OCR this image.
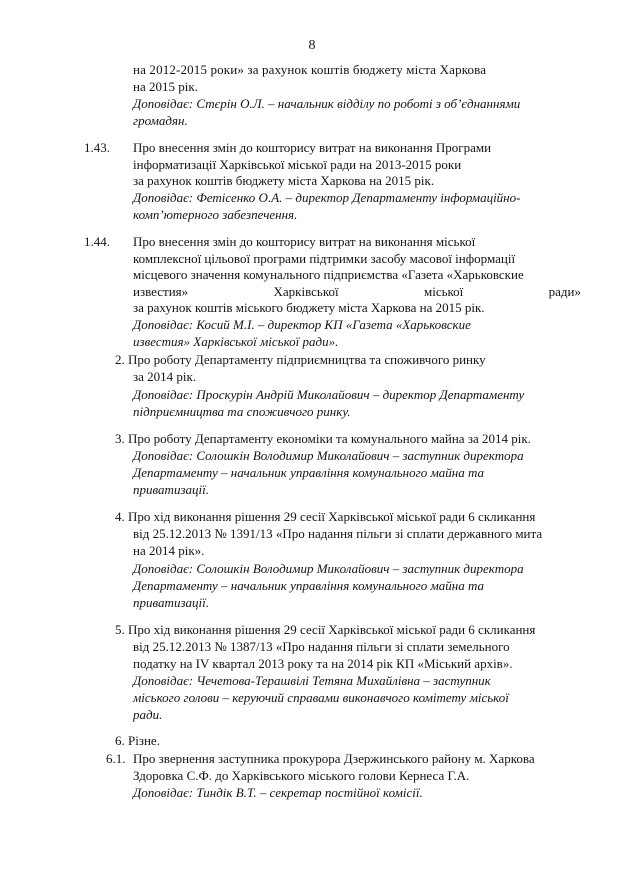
8
на 2012-2015 роки» за рахунок коштів бюджету міста Харкова
на 2015 рік.
Доповідає: Стєрін О.Л. – начальник відділу по роботі з об’єднаннями
громадян.
1.43. Про внесення змін до кошторису витрат на виконання Програми
інформатизації Харківської міської ради на 2013-2015 роки
за рахунок коштів бюджету міста Харкова на 2015 рік.
Доповідає: Фетісенко О.А. – директор Департаменту інформаційно-
комп’ютерного забезпечення.
1.44. Про внесення змін до кошторису витрат на виконання міської
комплексної цільової програми підтримки засобу масової інформації
місцевого значення комунального підприємства «Газета «Харьковские
известия»	Харківської	міської	ради»
за рахунок коштів міського бюджету міста Харкова на 2015 рік.
Доповідає: Косий М.І. – директор КП «Газета «Харьковские
известия» Харківської міської ради».
2. Про роботу Департаменту підприємництва та споживчого ринку
за 2014 рік.
Доповідає: Проскурін Андрій Миколайович – директор Департаменту
підприємництва та споживчого ринку.
3. Про роботу Департаменту економіки та комунального майна за 2014 рік.
Доповідає: Солошкін Володимир Миколайович – заступник директора
Департаменту – начальник управління комунального майна та
приватизації.
4. Про хід виконання рішення 29 сесії Харківської міської ради 6 скликання
від 25.12.2013 № 1391/13 «Про надання пільги зі сплати державного мита
на 2014 рік».
Доповідає: Солошкін Володимир Миколайович – заступник директора
Департаменту – начальник управління комунального майна та
приватизації.
5. Про хід виконання рішення 29 сесії Харківської міської ради 6 скликання
від 25.12.2013 № 1387/13 «Про надання пільги зі сплати земельного
податку на IV квартал 2013 року та на 2014 рік КП «Міський архів».
Доповідає: Чечетова-Терашвілі Тетяна Михайлівна – заступник
міського голови – керуючий справами виконавчого комітету міської
ради.
6. Різне.
6.1. Про звернення заступника прокурора Дзержинського району м. Харкова
Здоровка С.Ф. до Харківського міського голови Кернеса Г.А.
Доповідає: Тиндік В.Т. – секретар постійної комісії.
